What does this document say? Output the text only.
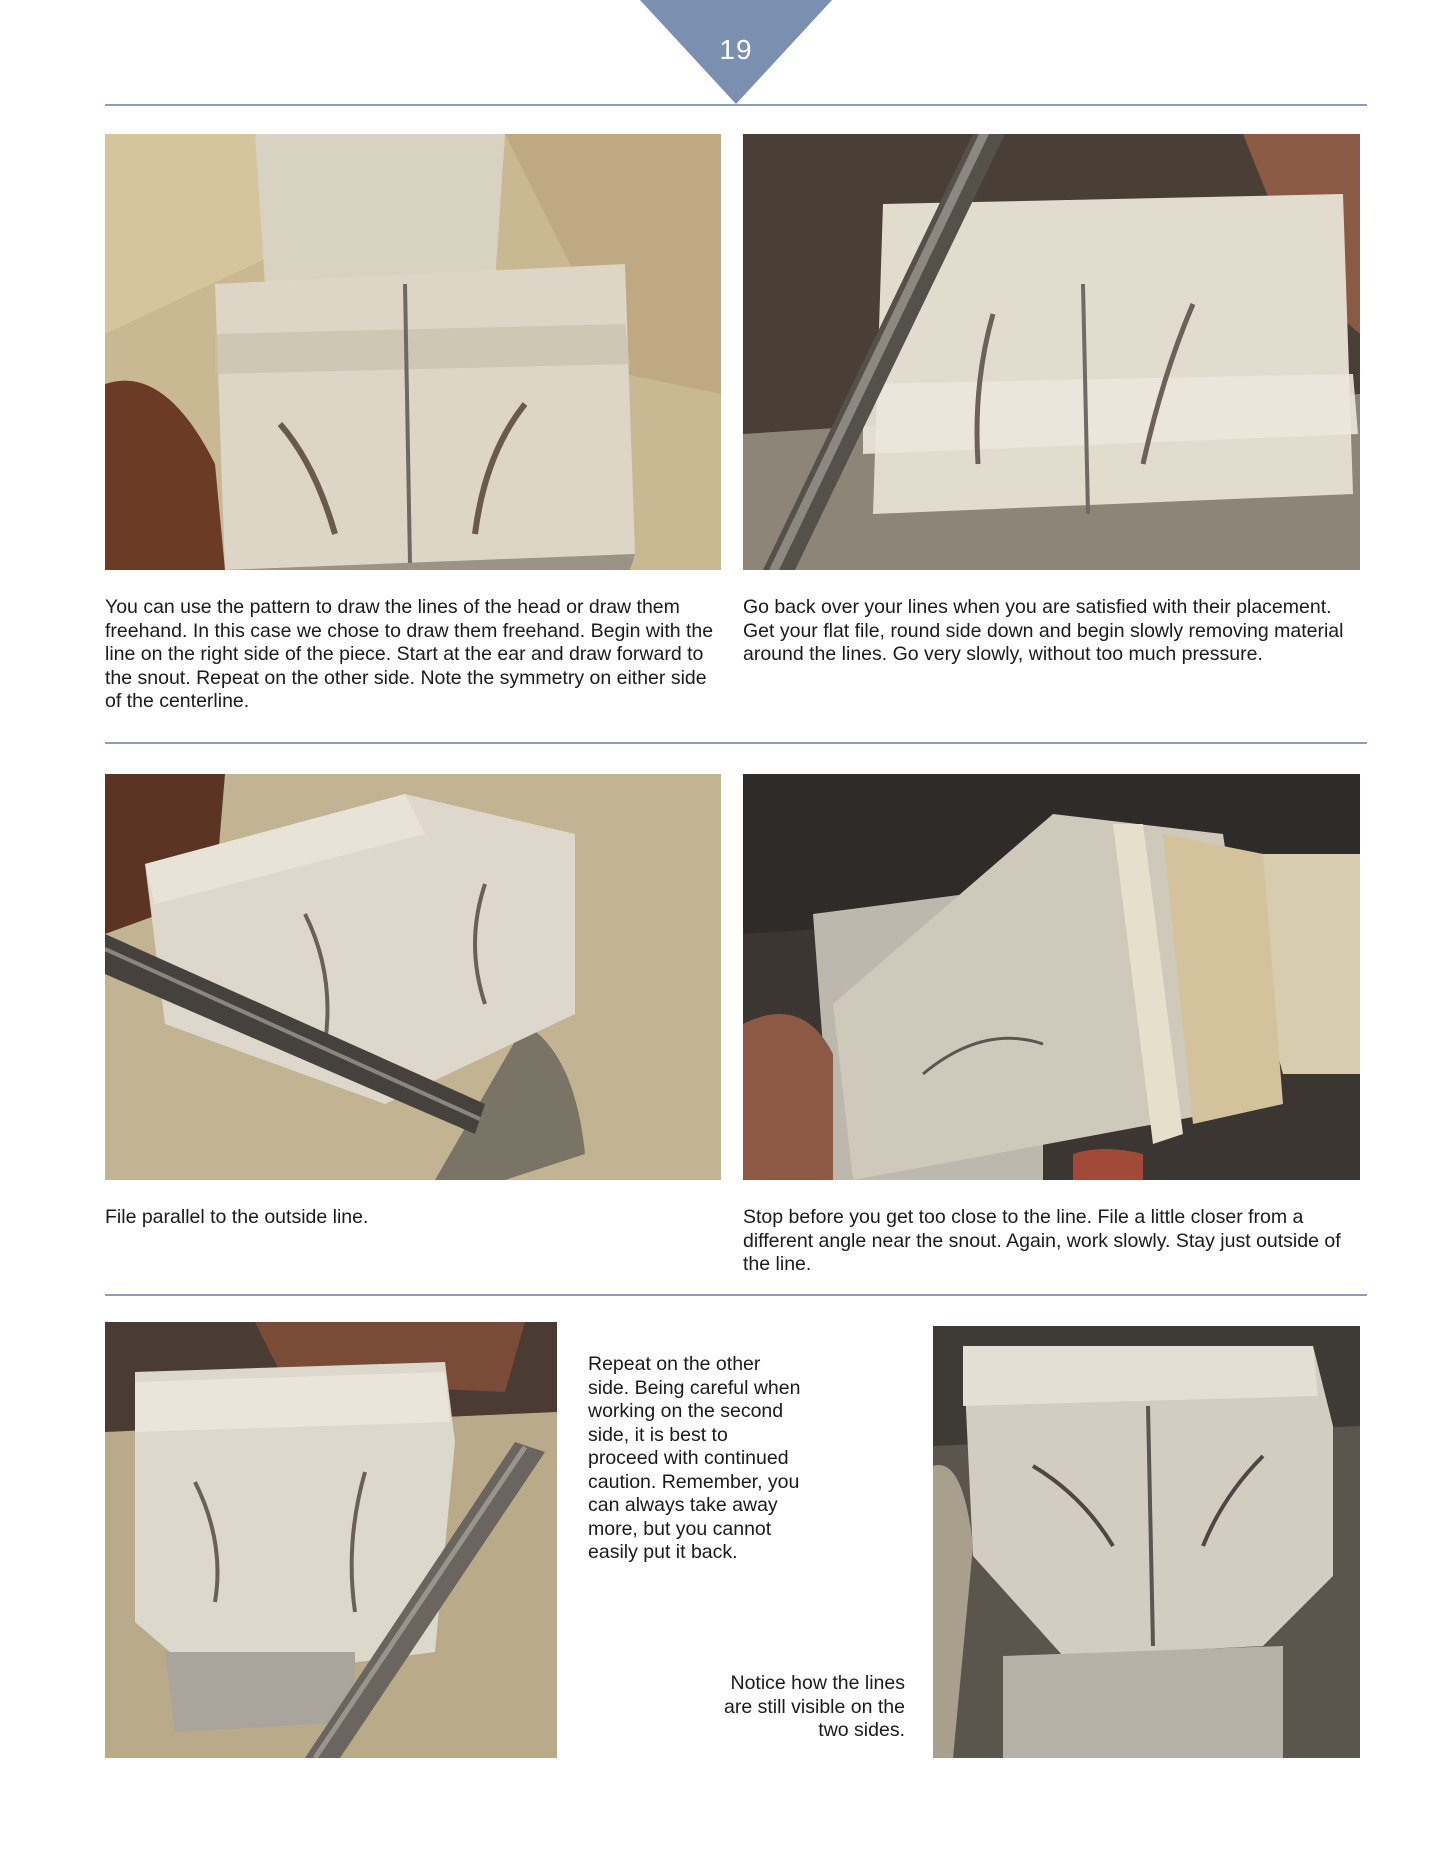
19

You can use the pattern to draw the lines of the head or draw them freehand. In this case we chose to draw them freehand. Begin with the line on the right side of the piece. Start at the ear and draw forward to the snout. Repeat on the other side. Note the symmetry on either side of the centerline.

Go back over your lines when you are satisfied with their placement. Get your flat file, round side down and begin slowly removing material around the lines. Go very slowly, without too much pressure.

File parallel to the outside line.	Stop before you get too close to the line. File a little closer from a different angle near the snout. Again, work slowly. Stay just outside of the line.

Repeat on the other side. Being careful when working on the second side, it is best to proceed with continued caution. Remember, you can always take away more, but you cannot easily put it back.

Notice how the lines are still visible on the two sides.
